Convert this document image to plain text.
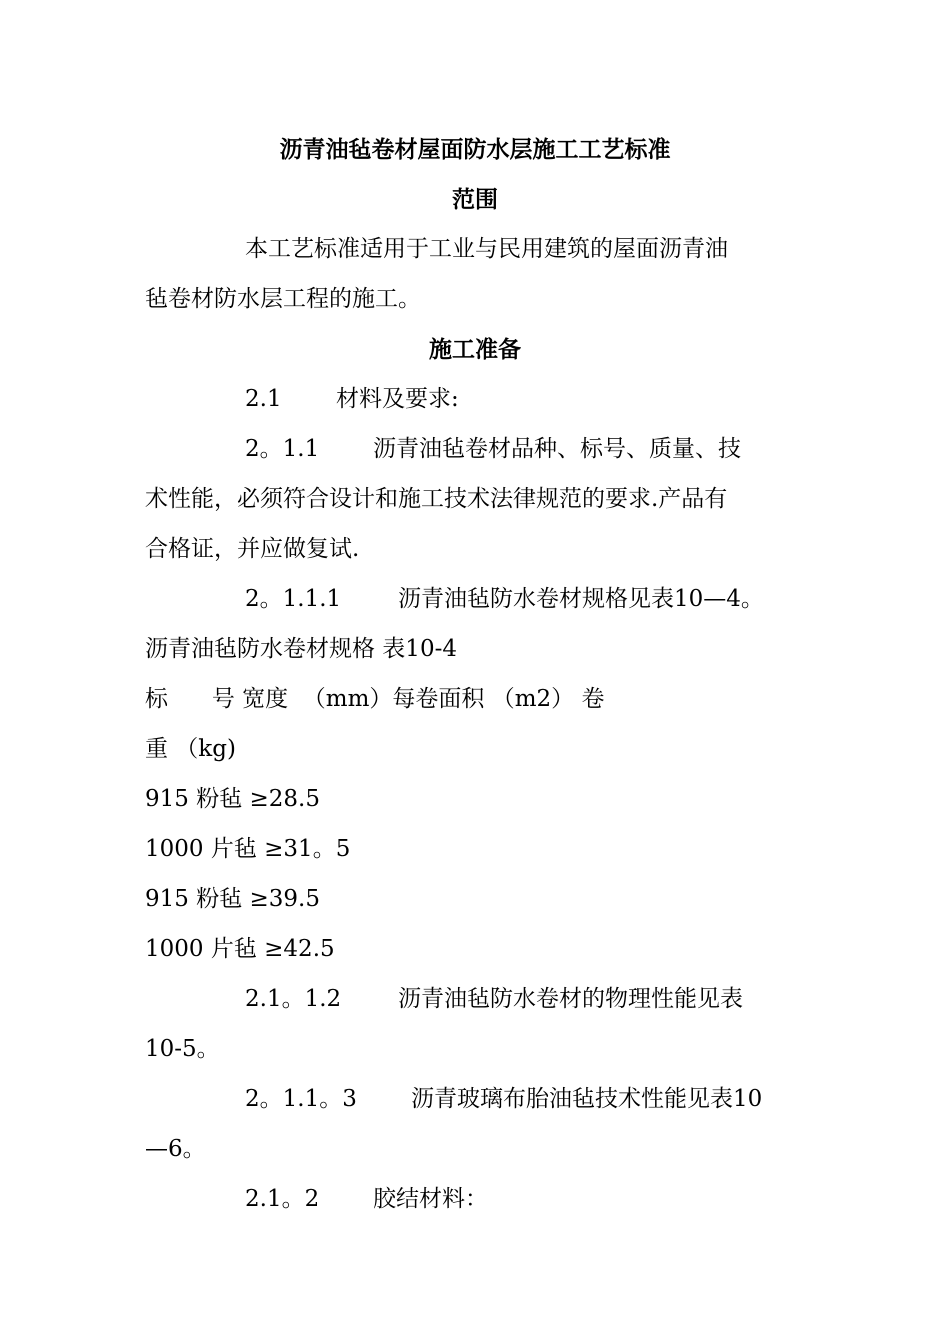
沥青油毡卷材屋面防水层施工工艺标准
范围
本工艺标准适用于工业与民用建筑的屋面沥青油
毡卷材防水层工程的施工。
施工准备
2.1 材料及要求:
2。1.1 沥青油毡卷材品种、标号、质量、技
术性能，必须符合设计和施工技术法律规范的要求.产品有
合格证，并应做复试.
2。1.1.1 沥青油毡防水卷材规格见表10—4。
沥青油毡防水卷材规格 表10-4
标      号 宽度  （mm）每卷面积 （m2） 卷
重 （kg)
915 粉毡 ≥28.5
1000 片毡 ≥31。5
915 粉毡 ≥39.5
1000 片毡 ≥42.5
2.1。1.2 沥青油毡防水卷材的物理性能见表
10-5。
2。1.1。3 沥青玻璃布胎油毡技术性能见表10
—6。
2.1。2 胶结材料：
